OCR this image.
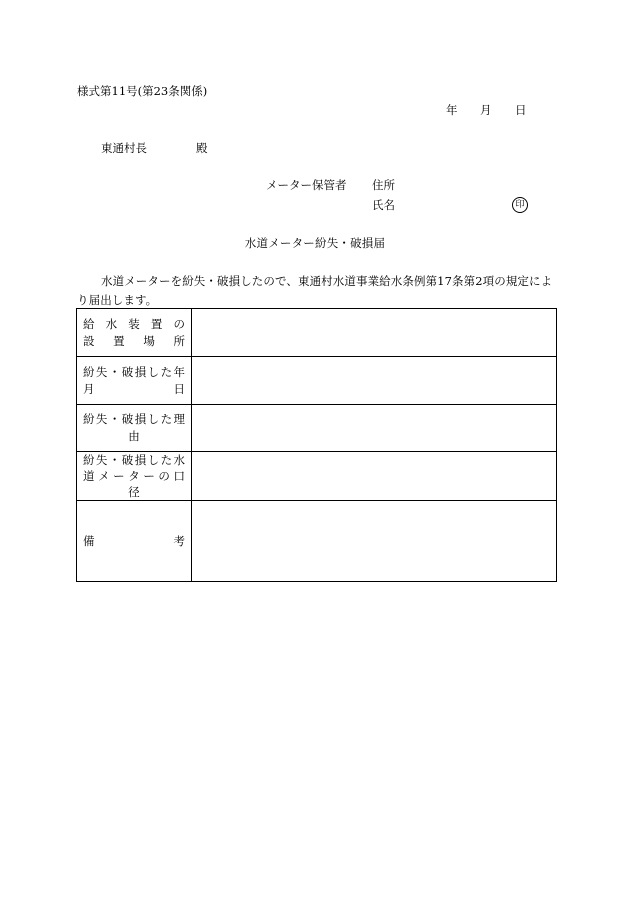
様式第11号(第23条関係)
年 月 日
東通村長	殿
メーター保管者 住所
氏名	印
水道メーター紛失・破損届
水道メーターを紛失・破損したので、東通村水道事業給水条例第17条第2項の規定により届出します。
給水装置の
設置場所	

紛失・破損した年
月 日	

紛失・破損した理
由	

紛失・破損した水
道メーターの口
径	

備 考	
